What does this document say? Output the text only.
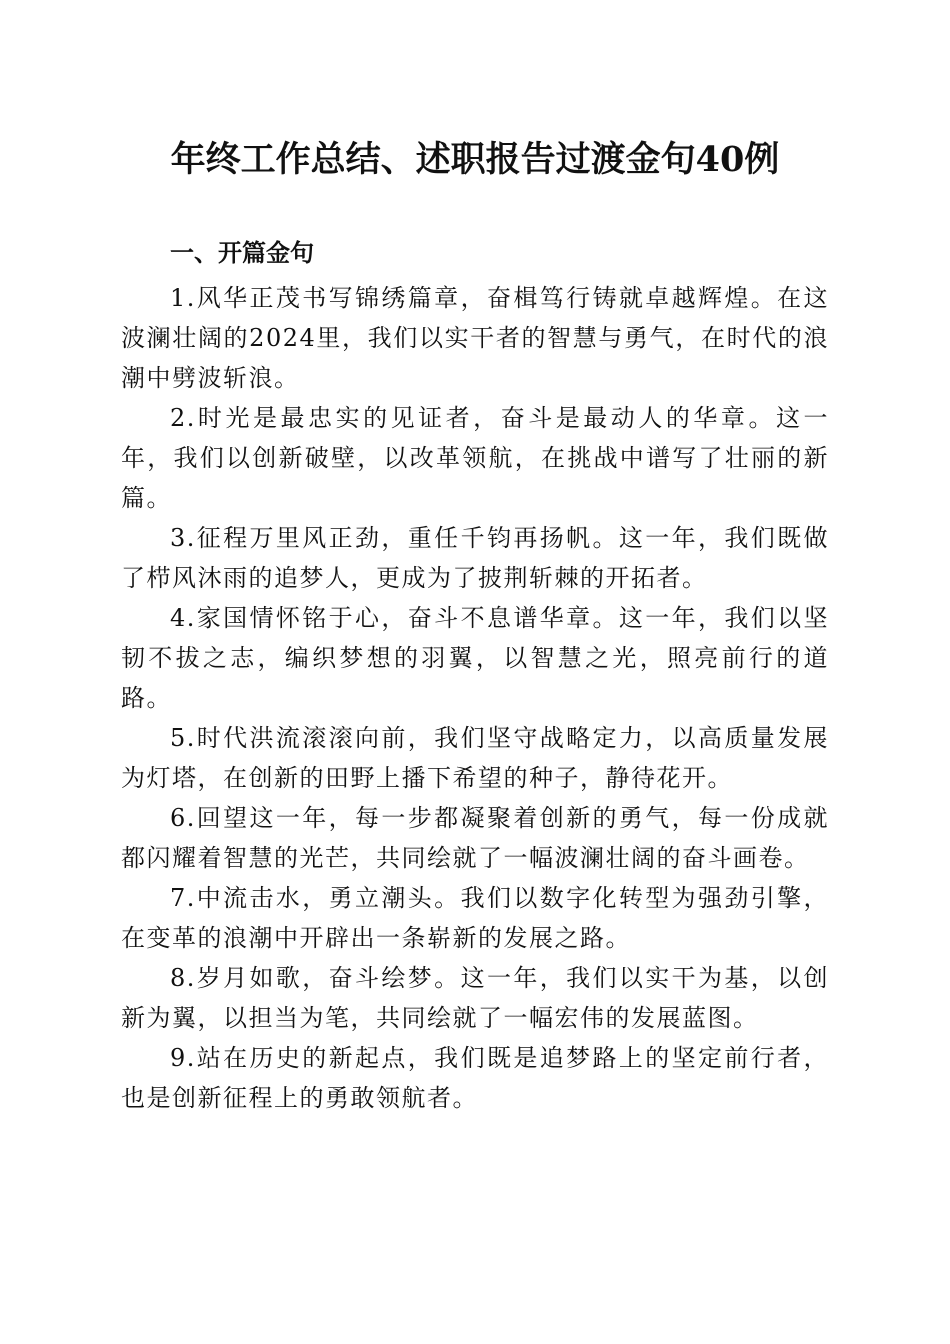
年终工作总结、述职报告过渡金句40例
一、开篇金句

1.风华正茂书写锦绣篇章，奋楫笃行铸就卓越辉煌。在这波澜壮阔的2024里，我们以实干者的智慧与勇气，在时代的浪潮中劈波斩浪。

2.时光是最忠实的见证者，奋斗是最动人的华章。这一年，我们以创新破壁，以改革领航，在挑战中谱写了壮丽的新篇。

3.征程万里风正劲，重任千钧再扬帆。这一年，我们既做了栉风沐雨的追梦人，更成为了披荆斩棘的开拓者。

4.家国情怀铭于心，奋斗不息谱华章。这一年，我们以坚韧不拔之志，编织梦想的羽翼，以智慧之光，照亮前行的道路。

5.时代洪流滚滚向前，我们坚守战略定力，以高质量发展为灯塔，在创新的田野上播下希望的种子，静待花开。

6.回望这一年，每一步都凝聚着创新的勇气，每一份成就都闪耀着智慧的光芒，共同绘就了一幅波澜壮阔的奋斗画卷。

7.中流击水，勇立潮头。我们以数字化转型为强劲引擎，在变革的浪潮中开辟出一条崭新的发展之路。

8.岁月如歌，奋斗绘梦。这一年，我们以实干为基，以创新为翼，以担当为笔，共同绘就了一幅宏伟的发展蓝图。

9.站在历史的新起点，我们既是追梦路上的坚定前行者，也是创新征程上的勇敢领航者。
